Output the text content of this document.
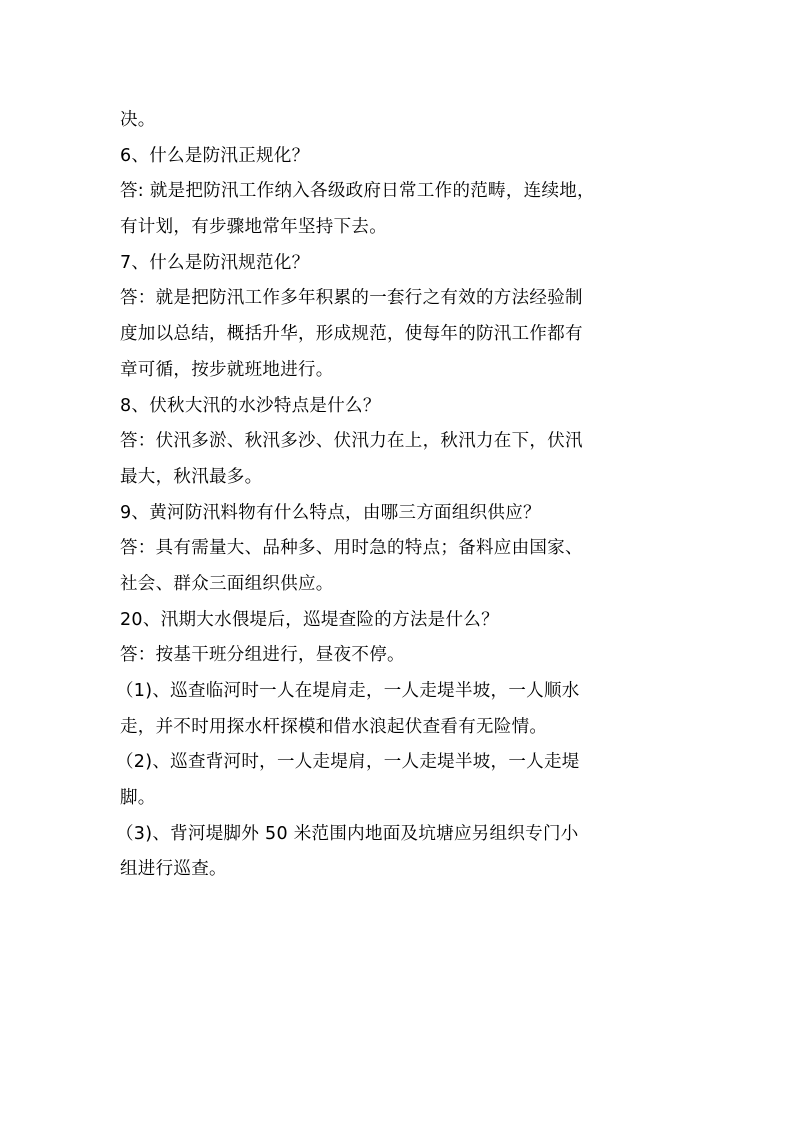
决。
6、什么是防汛正规化？
答: 就是把防汛工作纳入各级政府日常工作的范畴，连续地，
有计划，有步骤地常年坚持下去。
7、什么是防汛规范化？
答：就是把防汛工作多年积累的一套行之有效的方法经验制
度加以总结，概括升华，形成规范，使每年的防汛工作都有
章可循，按步就班地进行。
8、伏秋大汛的水沙特点是什么？
答：伏汛多淤、秋汛多沙、伏汛力在上，秋汛力在下，伏汛
最大，秋汛最多。
9、黄河防汛料物有什么特点，由哪三方面组织供应？
答：具有需量大、品种多、用时急的特点；备料应由国家、
社会、群众三面组织供应。
20、汛期大水偎堤后，巡堤查险的方法是什么？
答：按基干班分组进行，昼夜不停。
（1)、巡查临河时一人在堤肩走，一人走堤半坡，一人顺水
走，并不时用探水杆探模和借水浪起伏查看有无险情。
（2)、巡查背河时，一人走堤肩，一人走堤半坡，一人走堤
脚。
（3)、背河堤脚外 50 米范围内地面及坑塘应另组织专门小
组进行巡查。
